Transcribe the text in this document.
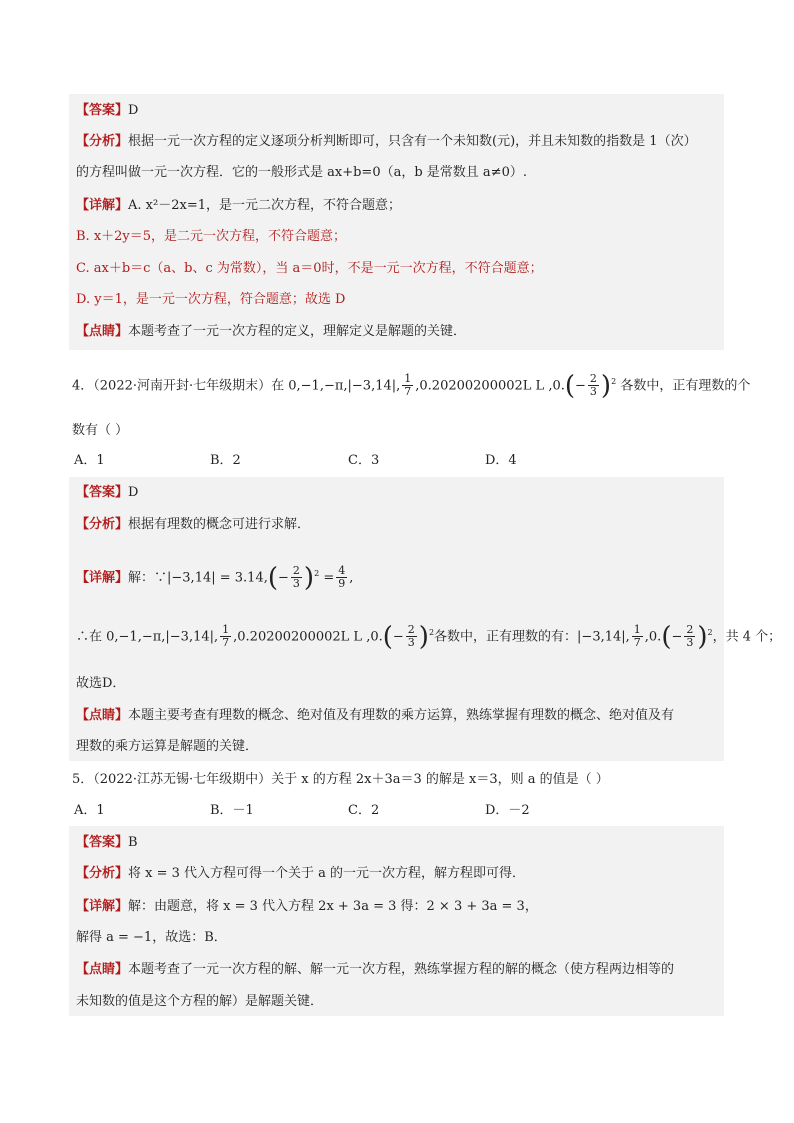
【答案】D
【分析】根据一元一次方程的定义逐项分析判断即可，只含有一个未知数(元)，并且未知数的指数是 1（次）
的方程叫做一元一次方程．它的一般形式是 ax+b=0（a，b 是常数且 a≠0）.
【详解】A. x²－2x=1，是一元二次方程，不符合题意；
B. x＋2y＝5，是二元一次方程，不符合题意；
C. ax＋b＝c（a、b、c 为常数），当 a＝0时，不是一元一次方程，不符合题意；
D. y＝1，是一元一次方程，符合题意；故选 D
【点睛】本题考查了一元一次方程的定义，理解定义是解题的关键．
4．（2022·河南开封·七年级期末）在 0,−1,−π,|−3,14|, $\frac{1}{7} ,0.20200200002L$ L $,0.(- \frac{2}{3} )^2$ 各数中，正有理数的个
数有（ ）
A．1	B．2	C．3	D．4
【答案】D
【分析】根据有理数的概念可进行求解．
【详解】解：∵|−3,14| = $3.14,(- \frac{2}{3} )^2 = \frac{4}{9}$ ,
∴在 0,−1,−π,|−3,14|, $\frac{1}{7} ,0.20200200002L$ L $,0.(- \frac{2}{3} )^2$各数中，正有理数的有：|−3,14|, $\frac{1}{7} ,0.(- \frac{2}{3} )^2$，共 4 个；
故选D．
【点睛】本题主要考查有理数的概念、绝对值及有理数的乘方运算，熟练掌握有理数的概念、绝对值及有
理数的乘方运算是解题的关键．
5．（2022·江苏无锡·七年级期中）关于 x 的方程 2x＋3a＝3 的解是 x＝3，则 a 的值是（ ）
A．1	B．－1	C．2	D．－2
【答案】B
【分析】将 x = 3 代入方程可得一个关于 a 的一元一次方程，解方程即可得．
【详解】解：由题意，将 x = 3 代入方程 2x + 3a = 3 得：2 × 3 + 3a = 3，
解得 a = −1，故选：B．
【点睛】本题考查了一元一次方程的解、解一元一次方程，熟练掌握方程的解的概念（使方程两边相等的
未知数的值是这个方程的解）是解题关键．
